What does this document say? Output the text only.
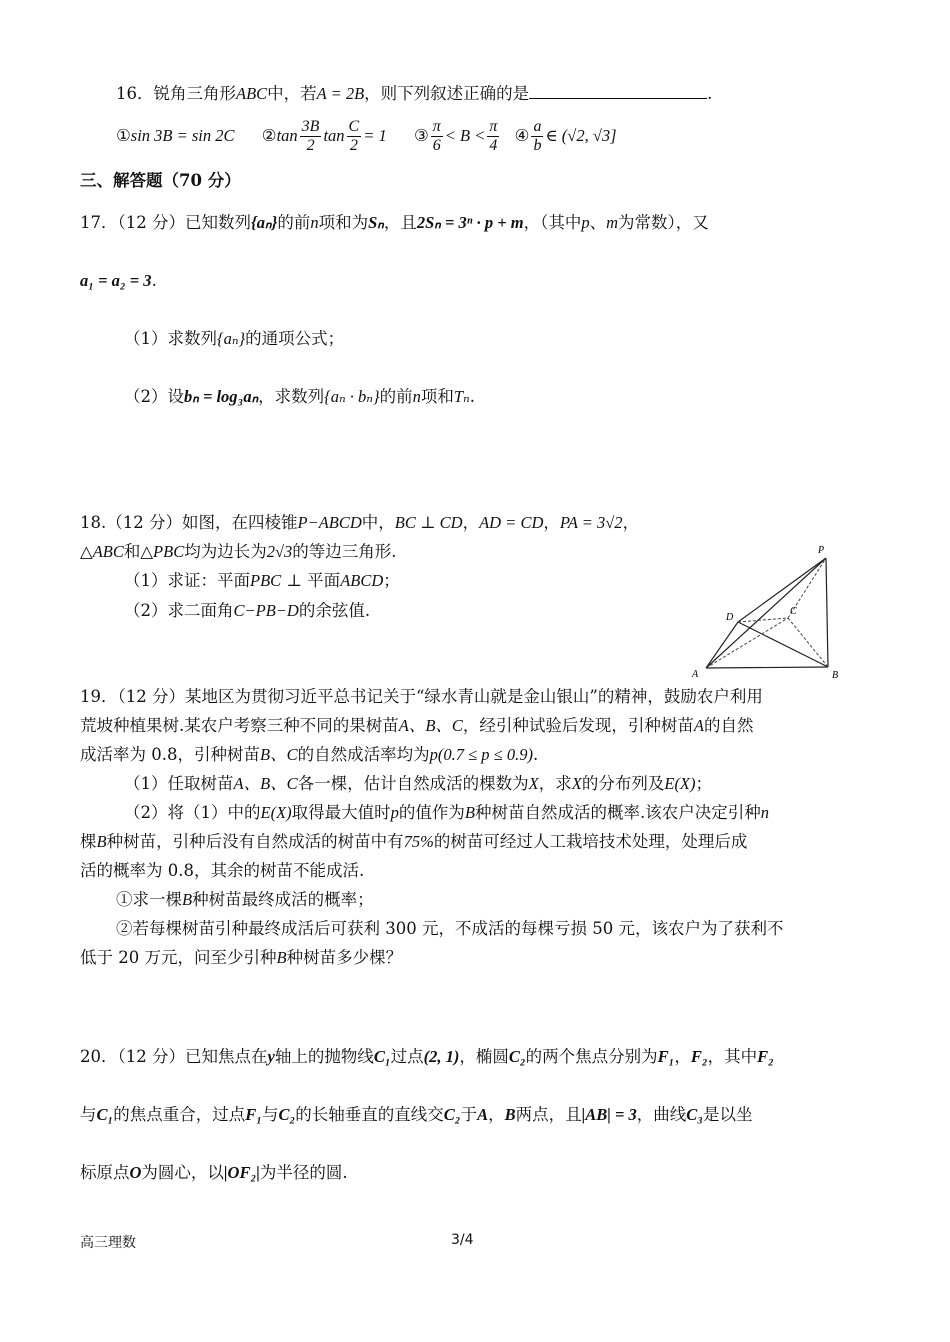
16．锐角三角形ABC中，若A = 2B，则下列叙述正确的是	.
①sin 3B = sin 2C ②tan $\frac{3B}{2}$ $\tan \frac{C}{2} = 1$ ③ $\frac{\pi}{6} < B < \frac{\pi}{4}$ ④ $\frac{a}{b}$ ∈ (√2, √3]
三、解答题（70 分）
17．（12 分）已知数列{aₙ}的前n项和为Sₙ，且2Sₙ = 3ⁿ · p + m，（其中p、m为常数），又
a₁ = a₂ = 3.
（1）求数列{aₙ}的通项公式；
（2）设bₙ = log₃aₙ，求数列{aₙ · bₙ}的前n项和Tₙ.
18.（12 分）如图，在四棱锥P−ABCD中，BC ⊥ CD，AD = CD，PA = 3√2，
△ABC和△PBC均为边长为2√3的等边三角形.
（1）求证：平面PBC ⊥ 平面ABCD；
（2）求二面角C−PB−D的余弦值.
P
A	B
C
D
19．（12 分）某地区为贯彻习近平总书记关于“绿水青山就是金山银山”的精神，鼓励农户利用
荒坡种植果树.某农户考察三种不同的果树苗A、B、C，经引种试验后发现，引种树苗A的自然
成活率为 0.8，引种树苗B、C的自然成活率均为p(0.7 ≤ p ≤ 0.9).
（1）任取树苗A、B、C各一棵，估计自然成活的棵数为X，求X的分布列及E(X)；
（2）将（1）中的E(X)取得最大值时p的值作为B种树苗自然成活的概率.该农户决定引种n
棵B种树苗，引种后没有自然成活的树苗中有75%的树苗可经过人工栽培技术处理，处理后成
活的概率为 0.8，其余的树苗不能成活.
①求一棵B种树苗最终成活的概率；
②若每棵树苗引种最终成活后可获利 300 元，不成活的每棵亏损 50 元，该农户为了获利不
低于 20 万元，问至少引种B种树苗多少棵？
20．（12 分）已知焦点在y轴上的抛物线C₁过点(2, 1)，椭圆C₂的两个焦点分别为F₁，F₂，其中F₂
与C₁的焦点重合，过点F₁与C₂的长轴垂直的直线交C₂于A，B两点，且|AB| = 3，曲线C₃是以坐
标原点O为圆心，以|OF₂|为半径的圆.
高三理数	3/4
